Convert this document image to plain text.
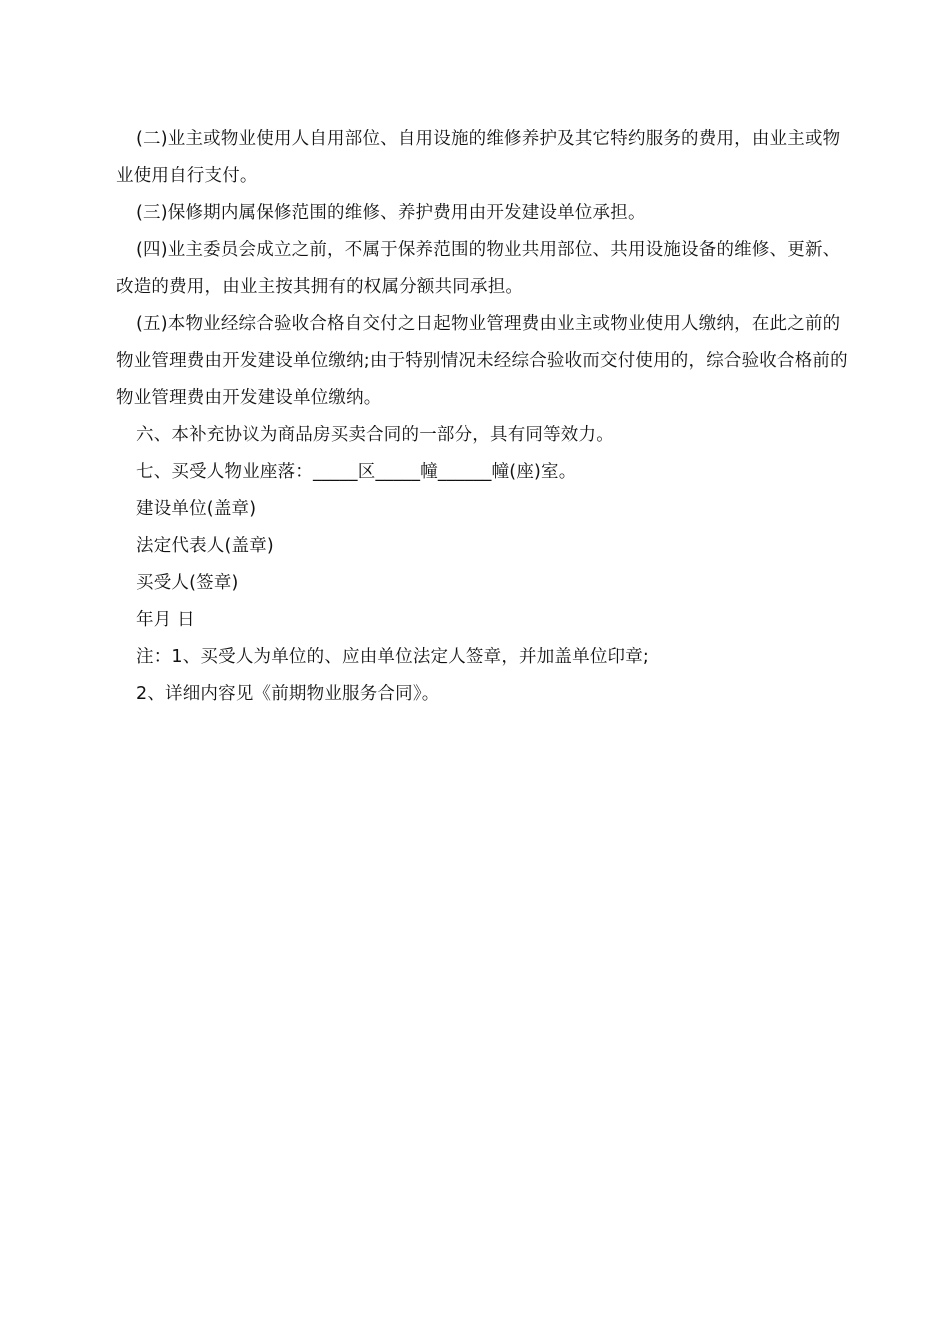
(二)业主或物业使用人自用部位、自用设施的维修养护及其它特约服务的费用，由业主或物业使用自行支付。

(三)保修期内属保修范围的维修、养护费用由开发建设单位承担。

(四)业主委员会成立之前，不属于保养范围的物业共用部位、共用设施设备的维修、更新、改造的费用，由业主按其拥有的权属分额共同承担。

(五)本物业经综合验收合格自交付之日起物业管理费由业主或物业使用人缴纳，在此之前的物业管理费由开发建设单位缴纳;由于特别情况未经综合验收而交付使用的，综合验收合格前的物业管理费由开发建设单位缴纳。

六、本补充协议为商品房买卖合同的一部分，具有同等效力。

七、买受人物业座落：_____区_____幢______幢(座)室。

建设单位(盖章)

法定代表人(盖章)

买受人(签章)

年月 日

注：1、买受人为单位的、应由单位法定人签章，并加盖单位印章;

2、详细内容见《前期物业服务合同》。
